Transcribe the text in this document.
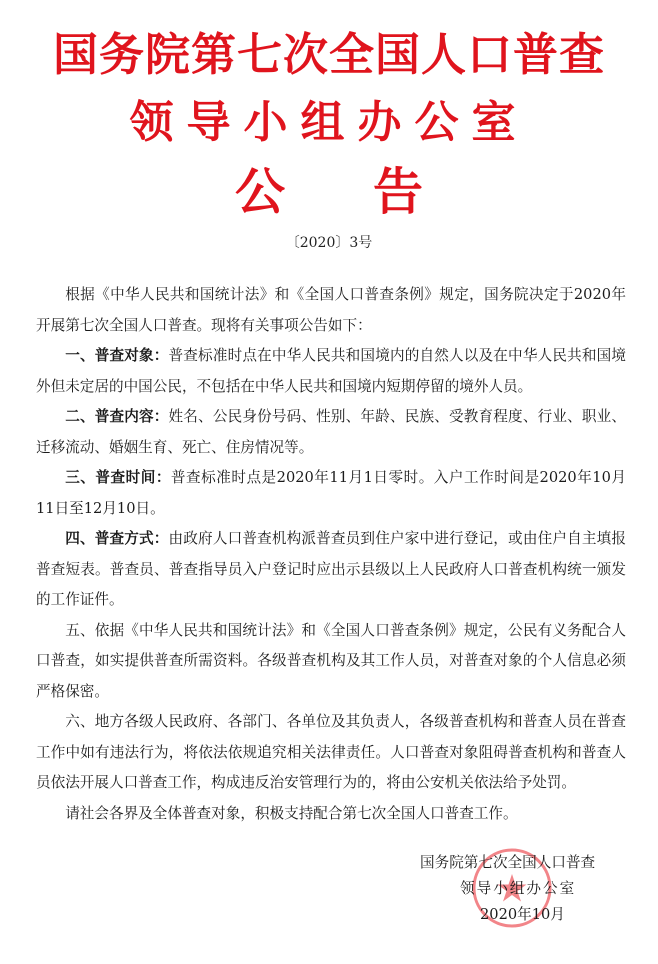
国务院第七次全国人口普查
领导小组办公室
公告
〔2020〕3号

根据《中华人民共和国统计法》和《全国人口普查条例》规定，国务院决定于2020年开展第七次全国人口普查。现将有关事项公告如下：

一、普查对象：普查标准时点在中华人民共和国境内的自然人以及在中华人民共和国境外但未定居的中国公民，不包括在中华人民共和国境内短期停留的境外人员。

二、普查内容：姓名、公民身份号码、性别、年龄、民族、受教育程度、行业、职业、迁移流动、婚姻生育、死亡、住房情况等。

三、普查时间：普查标准时点是2020年11月1日零时。入户工作时间是2020年10月11日至12月10日。

四、普查方式：由政府人口普查机构派普查员到住户家中进行登记，或由住户自主填报普查短表。普查员、普查指导员入户登记时应出示县级以上人民政府人口普查机构统一颁发的工作证件。

五、依据《中华人民共和国统计法》和《全国人口普查条例》规定，公民有义务配合人口普查，如实提供普查所需资料。各级普查机构及其工作人员，对普查对象的个人信息必须严格保密。

六、地方各级人民政府、各部门、各单位及其负责人，各级普查机构和普查人员在普查工作中如有违法行为，将依法依规追究相关法律责任。人口普查对象阻碍普查机构和普查人员依法开展人口普查工作，构成违反治安管理行为的，将由公安机关依法给予处罚。

请社会各界及全体普查对象，积极支持配合第七次全国人口普查工作。

国务院第七次全国人口普查
领导小组办公室
2020年10月
